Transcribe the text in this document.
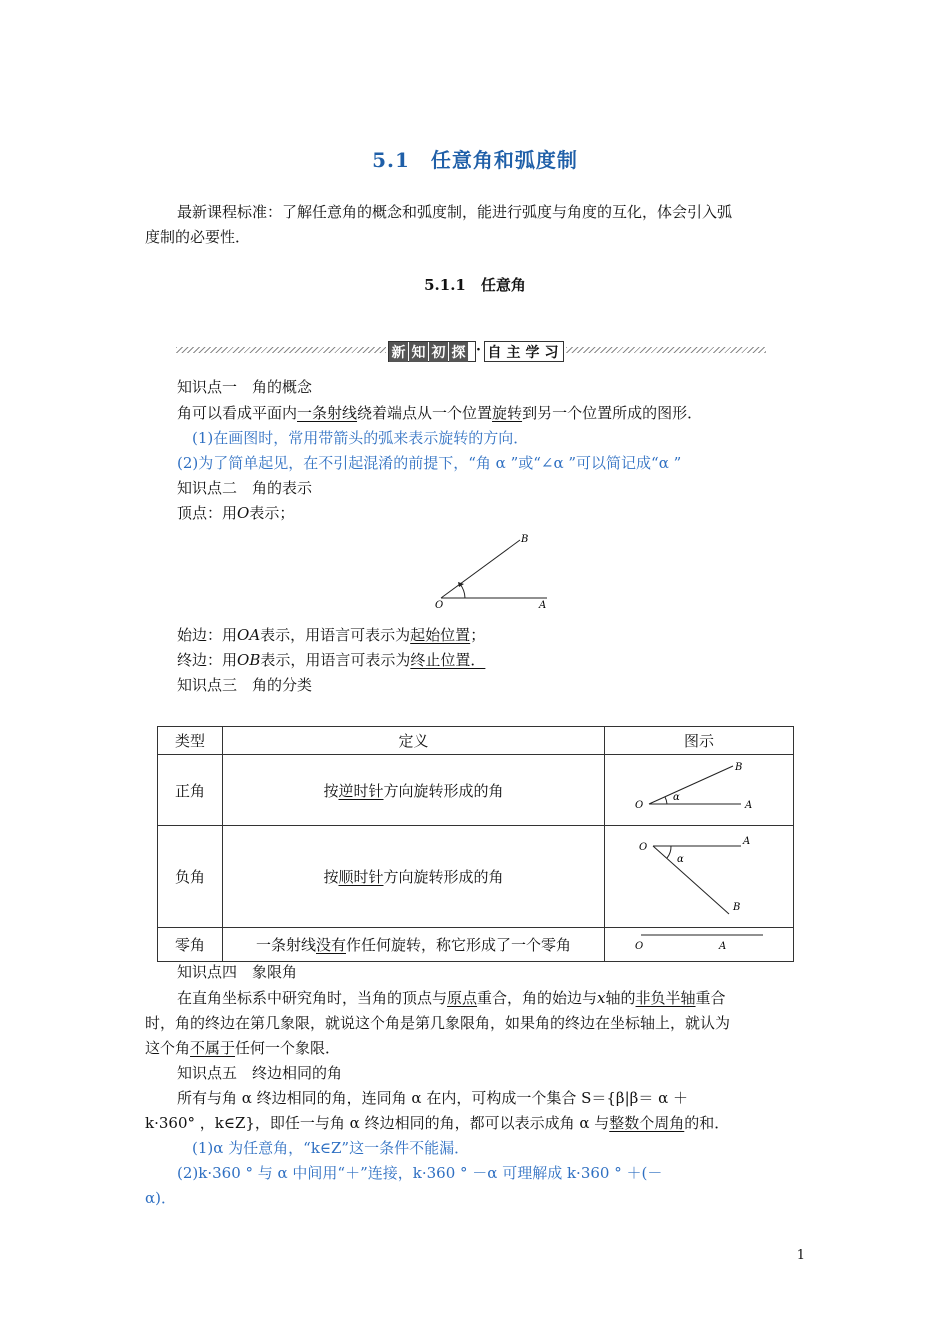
5.1　任意角和弧度制
最新课程标准：了解任意角的概念和弧度制，能进行弧度与角度的互化，体会引入弧
度制的必要性．
5.1.1　任意角
新 知 初 探 · 自 主 学 习
知识点一　角的概念
角可以看成平面内一条射线绕着端点从一个位置旋转到另一个位置所成的图形．
(1)在画图时，常用带箭头的弧来表示旋转的方向．
(2)为了简单起见，在不引起混淆的前提下，“角 α ”或“∠α ”可以简记成“α ”
知识点二　角的表示
顶点：用O表示；
O	A
B
始边：用OA表示，用语言可表示为起始位置；
终边：用OB表示，用语言可表示为终止位置．
知识点三　角的分类
类型	定义	图示
正角	按逆时针方向旋转形成的角	O A
B
α

负角	按顺时针方向旋转形成的角	O
A
B
α

零角	一条射线没有作任何旋转，称它形成了一个零角	O A
知识点四　象限角
在直角坐标系中研究角时，当角的顶点与原点重合，角的始边与x轴的非负半轴重合
时，角的终边在第几象限，就说这个角是第几象限角，如果角的终边在坐标轴上，就认为
这个角不属于任何一个象限．
知识点五　终边相同的角
所有与角 α 终边相同的角，连同角 α 在内，可构成一个集合 S＝{β|β＝ α ＋
k·360° ，k∈Z}，即任一与角 α 终边相同的角，都可以表示成角 α 与整数个周角的和．
(1)α 为任意角，“k∈Z”这一条件不能漏．
(2)k·360 ° 与 α 中间用“＋”连接，k·360 ° －α 可理解成 k·360 ° ＋(－
α)．
1
